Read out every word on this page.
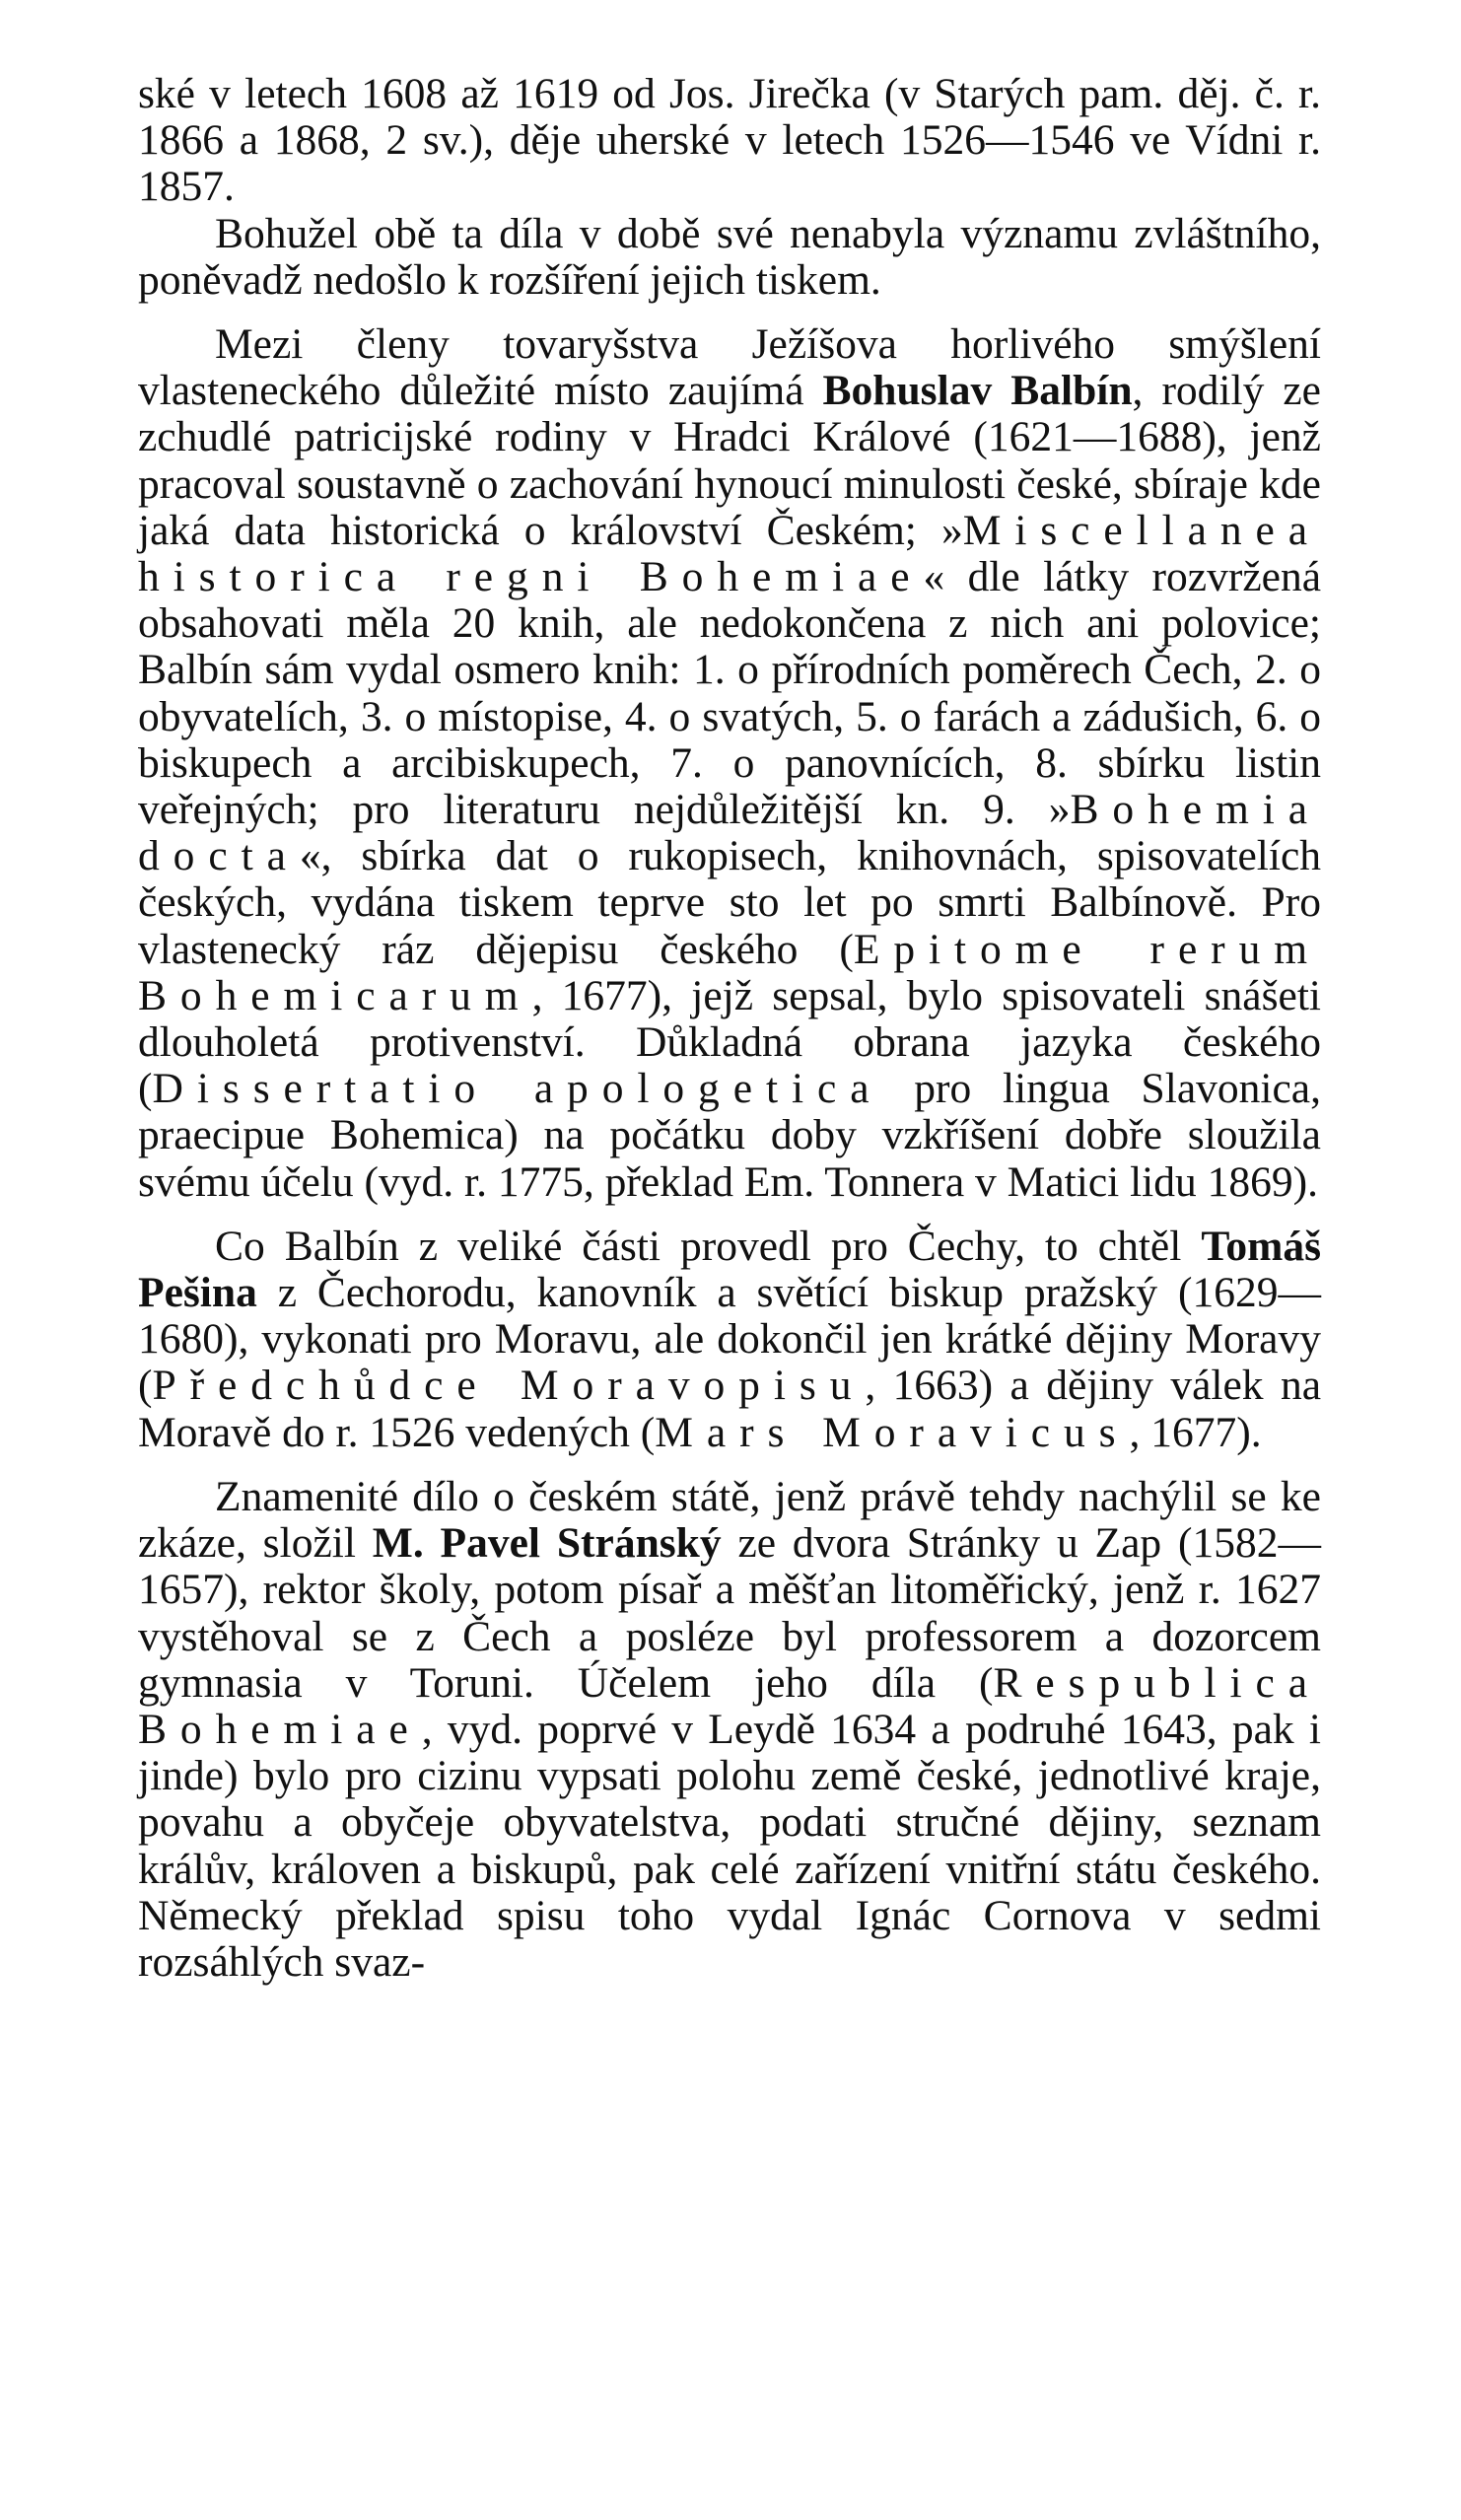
ské v letech 1608 až 1619 od Jos. Jirečka (v Starých pam. děj. č. r. 1866 a 1868, 2 sv.), děje uherské v letech 1526—1546 ve Vídni r. 1857.

Bohužel obě ta díla v době své nenabyla významu zvláštního, poněvadž nedošlo k rozšíření jejich tiskem.

Mezi členy tovaryšstva Ježíšova horlivého smýšlení vlasteneckého důležité místo zaujímá Bohuslav Balbín, rodilý ze zchudlé patricijské rodiny v Hradci Králové (1621—1688), jenž pracoval soustavně o zachování hynoucí minulosti české, sbíraje kde jaká data historická o království Českém; »Miscellanea historica regni Bohemiae« dle látky rozvržená obsahovati měla 20 knih, ale nedokončena z nich ani polovice; Balbín sám vydal osmero knih: 1. o přírodních poměrech Čech, 2. o obyvatelích, 3. o místopise, 4. o svatých, 5. o farách a zádušich, 6. o biskupech a arcibiskupech, 7. o panovnících, 8. sbírku listin veřejných; pro literaturu nejdůležitější kn. 9. »Bohemia docta«, sbírka dat o rukopisech, knihovnách, spisovatelích českých, vydána tiskem teprve sto let po smrti Balbínově. Pro vlastenecký ráz dějepisu českého (Epitome rerum Bohemicarum, 1677), jejž sepsal, bylo spisovateli snášeti dlouholetá protivenství. Důkladná obrana jazyka českého (Dissertatio apologetica pro lingua Slavonica, praecipue Bohemica) na počátku doby vzkříšení dobře sloužila svému účelu (vyd. r. 1775, překlad Em. Tonnera v Matici lidu 1869).

Co Balbín z veliké části provedl pro Čechy, to chtěl Tomáš Pešina z Čechorodu, kanovník a světící biskup pražský (1629—1680), vykonati pro Moravu, ale dokončil jen krátké dějiny Moravy (Předchůdce Moravopisu, 1663) a dějiny válek na Moravě do r. 1526 vedených (Mars Moravicus, 1677).

Znamenité dílo o českém státě, jenž právě tehdy nachýlil se ke zkáze, složil M. Pavel Stránský ze dvora Stránky u Zap (1582—1657), rektor školy, potom písař a měšťan litoměřický, jenž r. 1627 vystěhoval se z Čech a posléze byl professorem a dozorcem gymnasia v Toruni. Účelem jeho díla (Respublica Bohemiae, vyd. poprvé v Leydě 1634 a podruhé 1643, pak i jinde) bylo pro cizinu vypsati polohu země české, jednotlivé kraje, povahu a obyčeje obyvatelstva, podati stručné dějiny, seznam králův, královen a biskupů, pak celé zařízení vnitřní státu českého. Německý překlad spisu toho vydal Ignác Cornova v sedmi rozsáhlých svaz-
